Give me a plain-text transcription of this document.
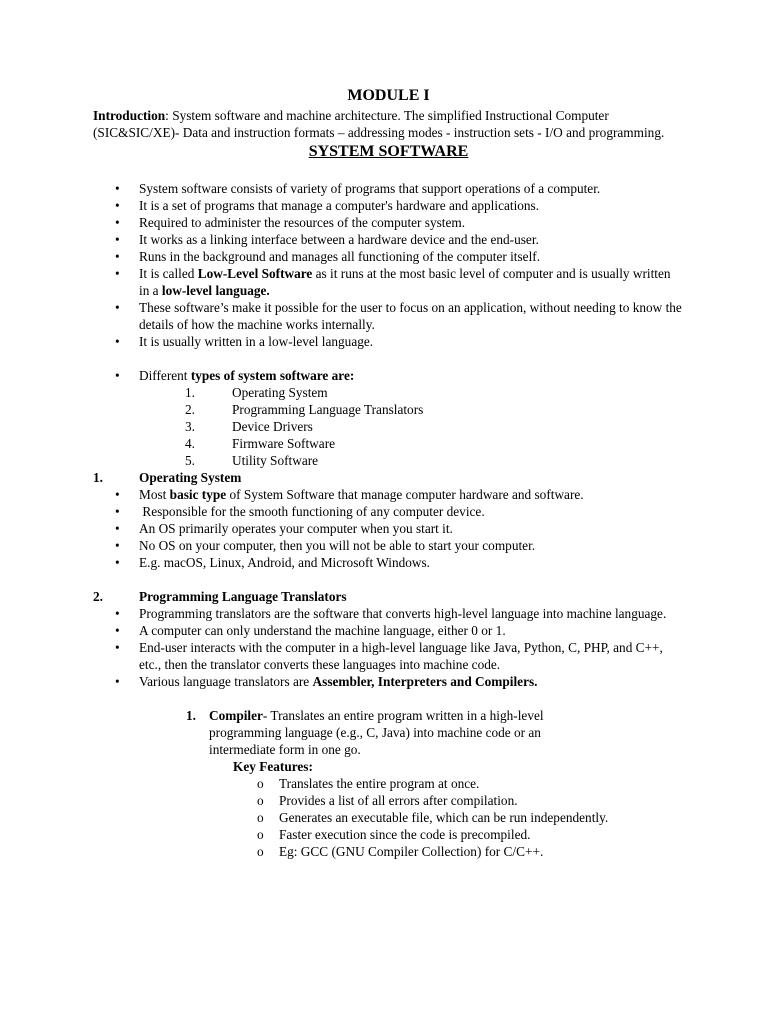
MODULE I

Introduction: System software and machine architecture. The simplified Instructional Computer (SIC&SIC/XE)- Data and instruction formats – addressing modes - instruction sets - I/O and programming.

SYSTEM SOFTWARE
• System software consists of variety of programs that support operations of a computer.
• It is a set of programs that manage a computer's hardware and applications.
• Required to administer the resources of the computer system.
• It works as a linking interface between a hardware device and the end-user.
• Runs in the background and manages all functioning of the computer itself.
• It is called Low-Level Software as it runs at the most basic level of computer and is usually written in a low-level language.
• These software’s make it possible for the user to focus on an application, without needing to know the details of how the machine works internally.
• It is usually written in a low-level language.
• Different types of system software are:
1.	Operating System
2.	Programming Language Translators
3.	Device Drivers
4.	Firmware Software
5.	Utility Software
1.	Operating System
• Most basic type of System Software that manage computer hardware and software.
•  Responsible for the smooth functioning of any computer device.
• An OS primarily operates your computer when you start it.
• No OS on your computer, then you will not be able to start your computer.
• E.g. macOS, Linux, Android, and Microsoft Windows.
2.	Programming Language Translators
• Programming translators are the software that converts high-level language into machine language.
• A computer can only understand the machine language, either 0 or 1.
• End-user interacts with the computer in a high-level language like Java, Python, C, PHP, and C++, etc., then the translator converts these languages into machine code.
• Various language translators are Assembler, Interpreters and Compilers.
1. Compiler- Translates an entire program written in a high-level programming language (e.g., C, Java) into machine code or an intermediate form in one go.
Key Features:
o Translates the entire program at once.
o Provides a list of all errors after compilation.
o Generates an executable file, which can be run independently.
o Faster execution since the code is precompiled.
o Eg: GCC (GNU Compiler Collection) for C/C++.
